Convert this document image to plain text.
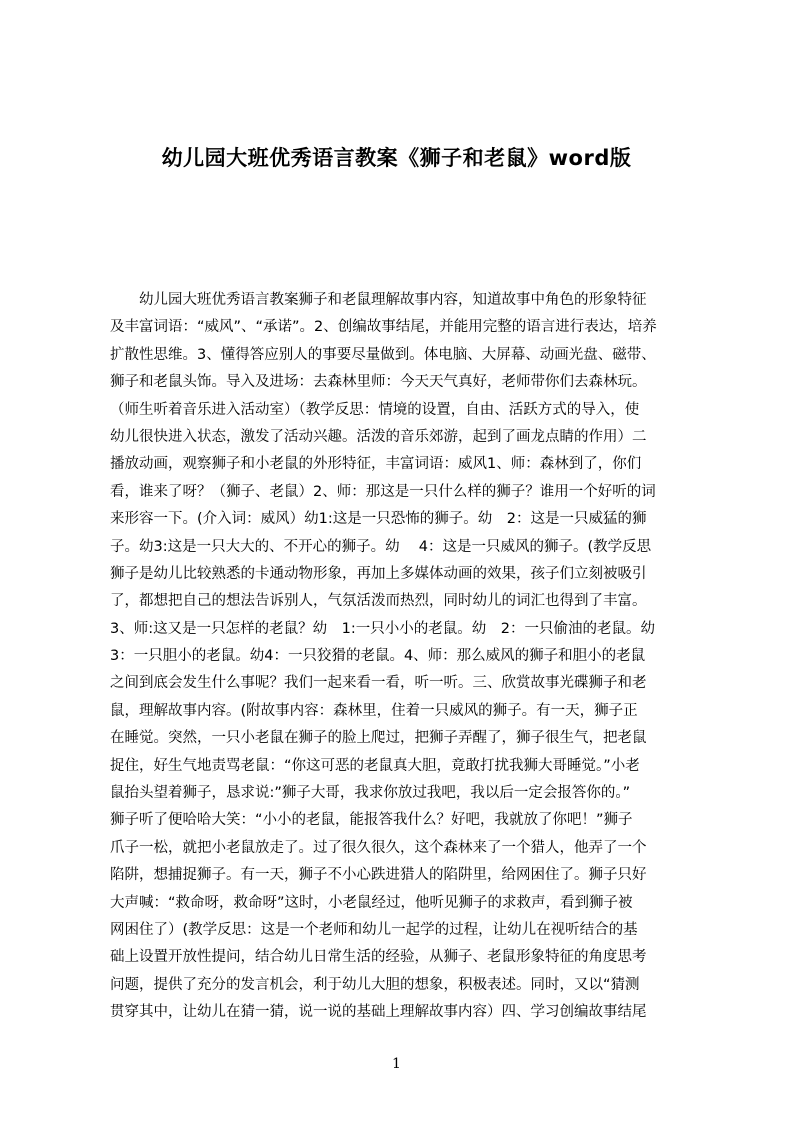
幼儿园大班优秀语言教案《狮子和老鼠》word版
幼儿园大班优秀语言教案狮子和老鼠理解故事内容，知道故事中角色的形象特征
及丰富词语：“威风”、“承诺”。2、创编故事结尾，并能用完整的语言进行表达，培养
扩散性思维。3、懂得答应别人的事要尽量做到。体电脑、大屏幕、动画光盘、磁带、
狮子和老鼠头饰。导入及进场：去森林里师：今天天气真好，老师带你们去森林玩。
（师生听着音乐进入活动室）（教学反思：情境的设置，自由、活跃方式的导入，使
幼儿很快进入状态，激发了活动兴趣。活泼的音乐郊游，起到了画龙点睛的作用）二
播放动画，观察狮子和小老鼠的外形特征，丰富词语：威风1、师：森林到了，你们
看，谁来了呀？（狮子、老鼠）2、师：那这是一只什么样的狮子？谁用一个好听的词
来形容一下。(介入词：威风）幼1:这是一只恐怖的狮子。幼　2：这是一只威猛的狮
子。幼3:这是一只大大的、不开心的狮子。幼　 4：这是一只威风的狮子。(教学反思
狮子是幼儿比较熟悉的卡通动物形象，再加上多媒体动画的效果，孩子们立刻被吸引
了，都想把自己的想法告诉别人，气氛活泼而热烈，同时幼儿的词汇也得到了丰富。
3、师:这又是一只怎样的老鼠？幼　1:一只小小的老鼠。幼　2：一只偷油的老鼠。幼
3：一只胆小的老鼠。幼4：一只狡猾的老鼠。4、师：那么威风的狮子和胆小的老鼠
之间到底会发生什么事呢？我们一起来看一看，听一听。三、欣赏故事光碟狮子和老
鼠，理解故事内容。(附故事内容：森林里，住着一只威风的狮子。有一天，狮子正
在睡觉。突然，一只小老鼠在狮子的脸上爬过，把狮子弄醒了，狮子很生气，把老鼠
捉住，好生气地责骂老鼠：“你这可恶的老鼠真大胆，竟敢打扰我狮大哥睡觉。”小老
鼠抬头望着狮子，恳求说:”狮子大哥，我求你放过我吧，我以后一定会报答你的。”
狮子听了便哈哈大笑：“小小的老鼠，能报答我什么？好吧，我就放了你吧！”狮子
爪子一松，就把小老鼠放走了。过了很久很久，这个森林来了一个猎人，他弄了一个
陷阱，想捕捉狮子。有一天，狮子不小心跌进猎人的陷阱里，给网困住了。狮子只好
大声喊：“救命呀，救命呀”这时，小老鼠经过，他听见狮子的求救声，看到狮子被
网困住了）(教学反思：这是一个老师和幼儿一起学的过程，让幼儿在视听结合的基
础上设置开放性提问，结合幼儿日常生活的经验，从狮子、老鼠形象特征的角度思考
问题，提供了充分的发言机会，利于幼儿大胆的想象，积极表述。同时，又以“猜测
贯穿其中，让幼儿在猜一猜，说一说的基础上理解故事内容）四、学习创编故事结尾
1
